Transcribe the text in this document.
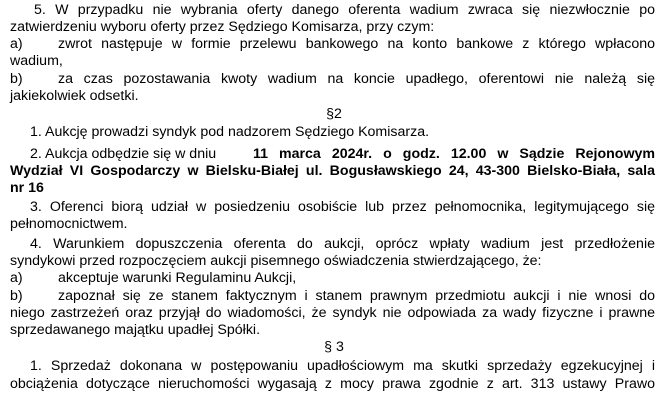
5. W przypadku nie wybrania oferty danego oferenta wadium zwraca się niezwłocznie po
zatwierdzeniu wyboru oferty przez Sędziego Komisarza, przy czym:
a) zwrot następuje w formie przelewu bankowego na konto bankowe z którego wpłacono
wadium,
b) za czas pozostawania kwoty wadium na koncie upadłego, oferentowi nie należą się
jakiekolwiek odsetki.
§2
1. Aukcję prowadzi syndyk pod nadzorem Sędziego Komisarza.
2. Aukcja odbędzie się w dniu	11 marca 2024r. o godz. 12.00 w Sądzie Rejonowym
Wydział VI Gospodarczy w Bielsku-Białej ul. Bogusławskiego 24, 43-300 Bielsko-Biała, sala
nr 16
3. Oferenci biorą udział w posiedzeniu osobiście lub przez pełnomocnika, legitymującego się
pełnomocnictwem.
4. Warunkiem dopuszczenia oferenta do aukcji, oprócz wpłaty wadium jest przedłożenie
syndykowi przed rozpoczęciem aukcji pisemnego oświadczenia stwierdzającego, że:
a) akceptuje warunki Regulaminu Aukcji,
b) zapoznał się ze stanem faktycznym i stanem prawnym przedmiotu aukcji i nie wnosi do
niego zastrzeżeń oraz przyjął do wiadomości, że syndyk nie odpowiada za wady fizyczne i prawne
sprzedawanego majątku upadłej Spółki.
§ 3
1. Sprzedaż dokonana w postępowaniu upadłościowym ma skutki sprzedaży egzekucyjnej i
obciążenia dotyczące nieruchomości wygasają z mocy prawa zgodnie z art. 313 ustawy Prawo
